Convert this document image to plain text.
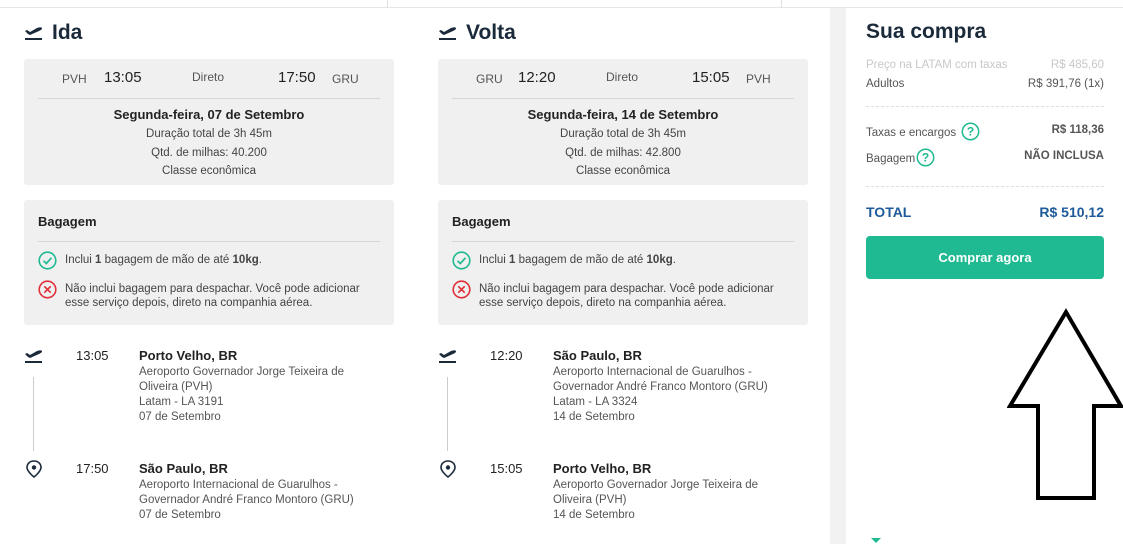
Ida
PVH 13:05	Direto	17:50 GRU
Segunda-feira, 07 de Setembro
Duração total de 3h 45m
Qtd. de milhas: 40.200
Classe econômica
Bagagem
Inclui 1 bagagem de mão de até 10kg.
Não inclui bagagem para despachar. Você pode adicionar
esse serviço depois, direto na companhia aérea.
13:05 Porto Velho, BR
Aeroporto Governador Jorge Teixeira de
Oliveira (PVH)
Latam - LA 3191
07 de Setembro
17:50 São Paulo, BR
Aeroporto Internacional de Guarulhos -
Governador André Franco Montoro (GRU)
07 de Setembro
Volta
GRU 12:20	Direto	15:05 PVH
Segunda-feira, 14 de Setembro
Duração total de 3h 45m
Qtd. de milhas: 42.800
Classe econômica
Bagagem
Inclui 1 bagagem de mão de até 10kg.
Não inclui bagagem para despachar. Você pode adicionar
esse serviço depois, direto na companhia aérea.
12:20 São Paulo, BR
Aeroporto Internacional de Guarulhos -
Governador André Franco Montoro (GRU)
Latam - LA 3324
14 de Setembro
15:05 Porto Velho, BR
Aeroporto Governador Jorge Teixeira de
Oliveira (PVH)
14 de Setembro
Sua compra
Preço na LATAM com taxas	R$ 485,60
Adultos	R$ 391,76 (1x)
Taxas e encargos ?	R$ 118,36
Bagagem ?	NÃO INCLUSA
TOTAL	R$ 510,12
Comprar agora
